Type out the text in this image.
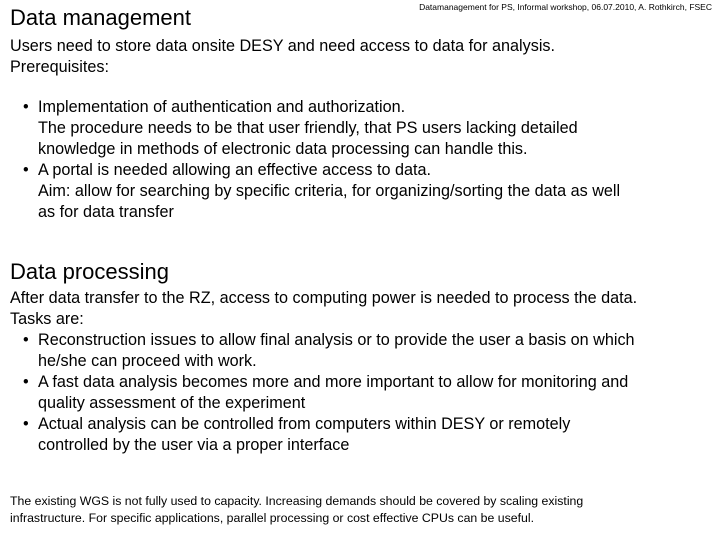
Data management	Datamanagement for PS, Informal workshop, 06.07.2010, A. Rothkirch, FSEC
Users need to store data onsite DESY and need access to data for analysis.
Prerequisites:
• Implementation of authentication and authorization.
The procedure needs to be that user friendly, that PS users lacking detailed
knowledge in methods of electronic data processing can handle this.
• A portal is needed allowing an effective access to data.
Aim: allow for searching by specific criteria, for organizing/sorting the data as well
as for data transfer
Data processing
After data transfer to the RZ, access to computing power is needed to process the data.
Tasks are:
• Reconstruction issues to allow final analysis or to provide the user a basis on which
he/she can proceed with work.
• A fast data analysis becomes more and more important to allow for monitoring and
quality assessment of the experiment
• Actual analysis can be controlled from computers within DESY or remotely
controlled by the user via a proper interface
The existing WGS is not fully used to capacity. Increasing demands should be covered by scaling existing
infrastructure. For specific applications, parallel processing or cost effective CPUs can be useful.
